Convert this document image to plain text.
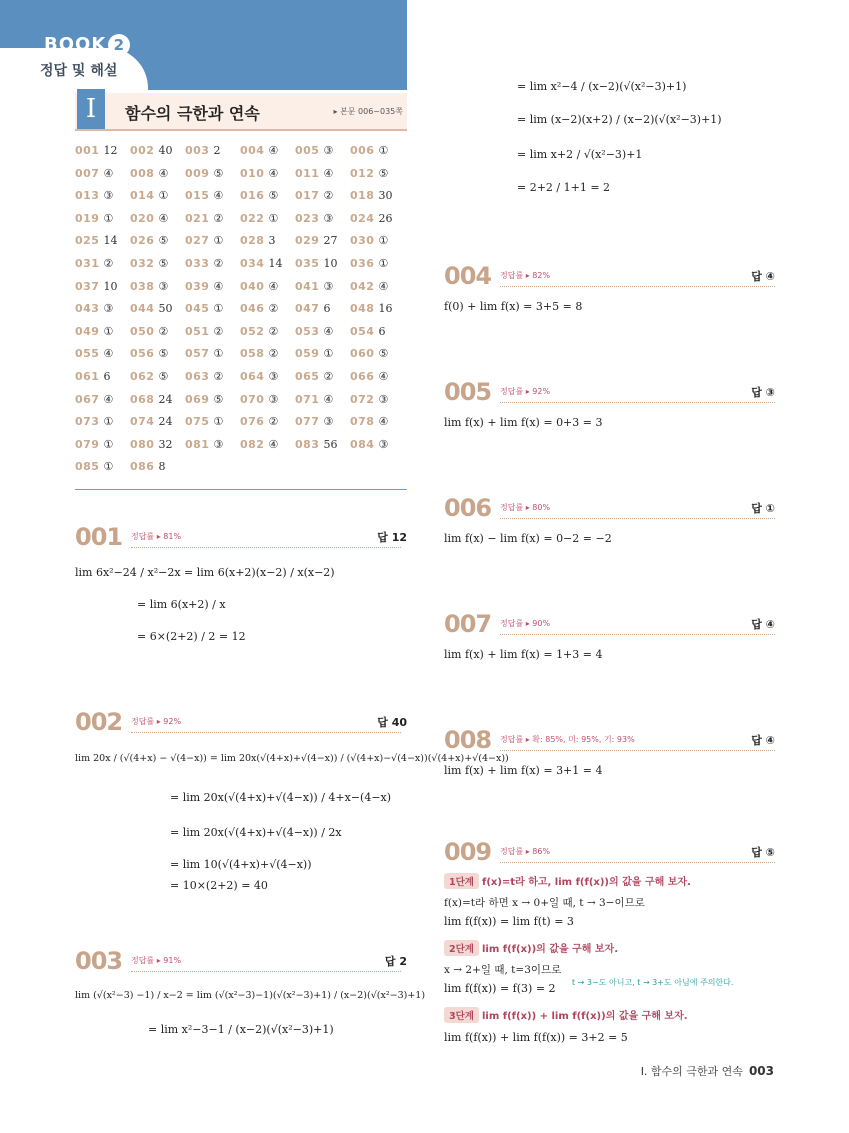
BOOK 2
정답 및 해설
I	함수의 극한과 연속	▸ 본문 006~035쪽
001 12 002 40 003 2 004 ④ 005 ③ 006 ①
007 ④ 008 ④ 009 ⑤ 010 ④ 011 ④ 012 ⑤
013 ③ 014 ① 015 ④ 016 ⑤ 017 ② 018 30
019 ① 020 ④ 021 ② 022 ① 023 ③ 024 26
025 14 026 ⑤ 027 ① 028 3 029 27 030 ①
031 ② 032 ⑤ 033 ② 034 14 035 10 036 ①
037 10 038 ③ 039 ④ 040 ④ 041 ③ 042 ④
043 ③ 044 50 045 ① 046 ② 047 6 048 16
049 ① 050 ② 051 ② 052 ② 053 ④ 054 6
055 ④ 056 ⑤ 057 ① 058 ② 059 ① 060 ⑤
061 6 062 ⑤ 063 ② 064 ③ 065 ② 066 ④
067 ④ 068 24 069 ⑤ 070 ③ 071 ④ 072 ③
073 ① 074 24 075 ① 076 ② 077 ③ 078 ④
079 ① 080 32 081 ③ 082 ④ 083 56 084 ③
085 ① 086 8
001 정답률 ▸ 81%	답 12
lim 6x²−24 / x²−2x = lim 6(x+2)(x−2) / x(x−2)
= lim 6(x+2) / x
= 6×(2+2) / 2 = 12
002 정답률 ▸ 92%	답 40
lim 20x / (√(4+x) − √(4−x)) = lim 20x(√(4+x)+√(4−x)) / (√(4+x)−√(4−x))(√(4+x)+√(4−x))
= lim 20x(√(4+x)+√(4−x)) / 4+x−(4−x)
= lim 20x(√(4+x)+√(4−x)) / 2x
= lim 10(√(4+x)+√(4−x))
= 10×(2+2) = 40
003 정답률 ▸ 91%	답 2
lim (√(x²−3) −1) / x−2 = lim (√(x²−3)−1)(√(x²−3)+1) / (x−2)(√(x²−3)+1)
= lim x²−3−1 / (x−2)(√(x²−3)+1)
= lim x²−4 / (x−2)(√(x²−3)+1)
= lim (x−2)(x+2) / (x−2)(√(x²−3)+1)
= lim x+2 / √(x²−3)+1
= 2+2 / 1+1 = 2
004 정답률 ▸ 82%	답 ④
f(0) + lim f(x) = 3+5 = 8
005 정답률 ▸ 92%	답 ③
lim f(x) + lim f(x) = 0+3 = 3
006 정답률 ▸ 80%	답 ①
lim f(x) − lim f(x) = 0−2 = −2
007 정답률 ▸ 90%	답 ④
lim f(x) + lim f(x) = 1+3 = 4
008 정답률 ▸ 확: 85%, 미: 95%, 기: 93%	답 ④
lim f(x) + lim f(x) = 3+1 = 4
009 정답률 ▸ 86%	답 ⑤
1단계 f(x)=t라 하고, lim f(f(x))의 값을 구해 보자.
f(x)=t라 하면 x → 0+일 때, t → 3−이므로
lim f(f(x)) = lim f(t) = 3
2단계 lim f(f(x))의 값을 구해 보자.
x → 2+일 때, t=3이므로
lim f(f(x)) = f(3) = 2 t → 3−도 아니고, t → 3+도 아님에 주의한다.
3단계 lim f(f(x)) + lim f(f(x))의 값을 구해 보자.
lim f(f(x)) + lim f(f(x)) = 3+2 = 5
I. 함수의 극한과 연속 003
